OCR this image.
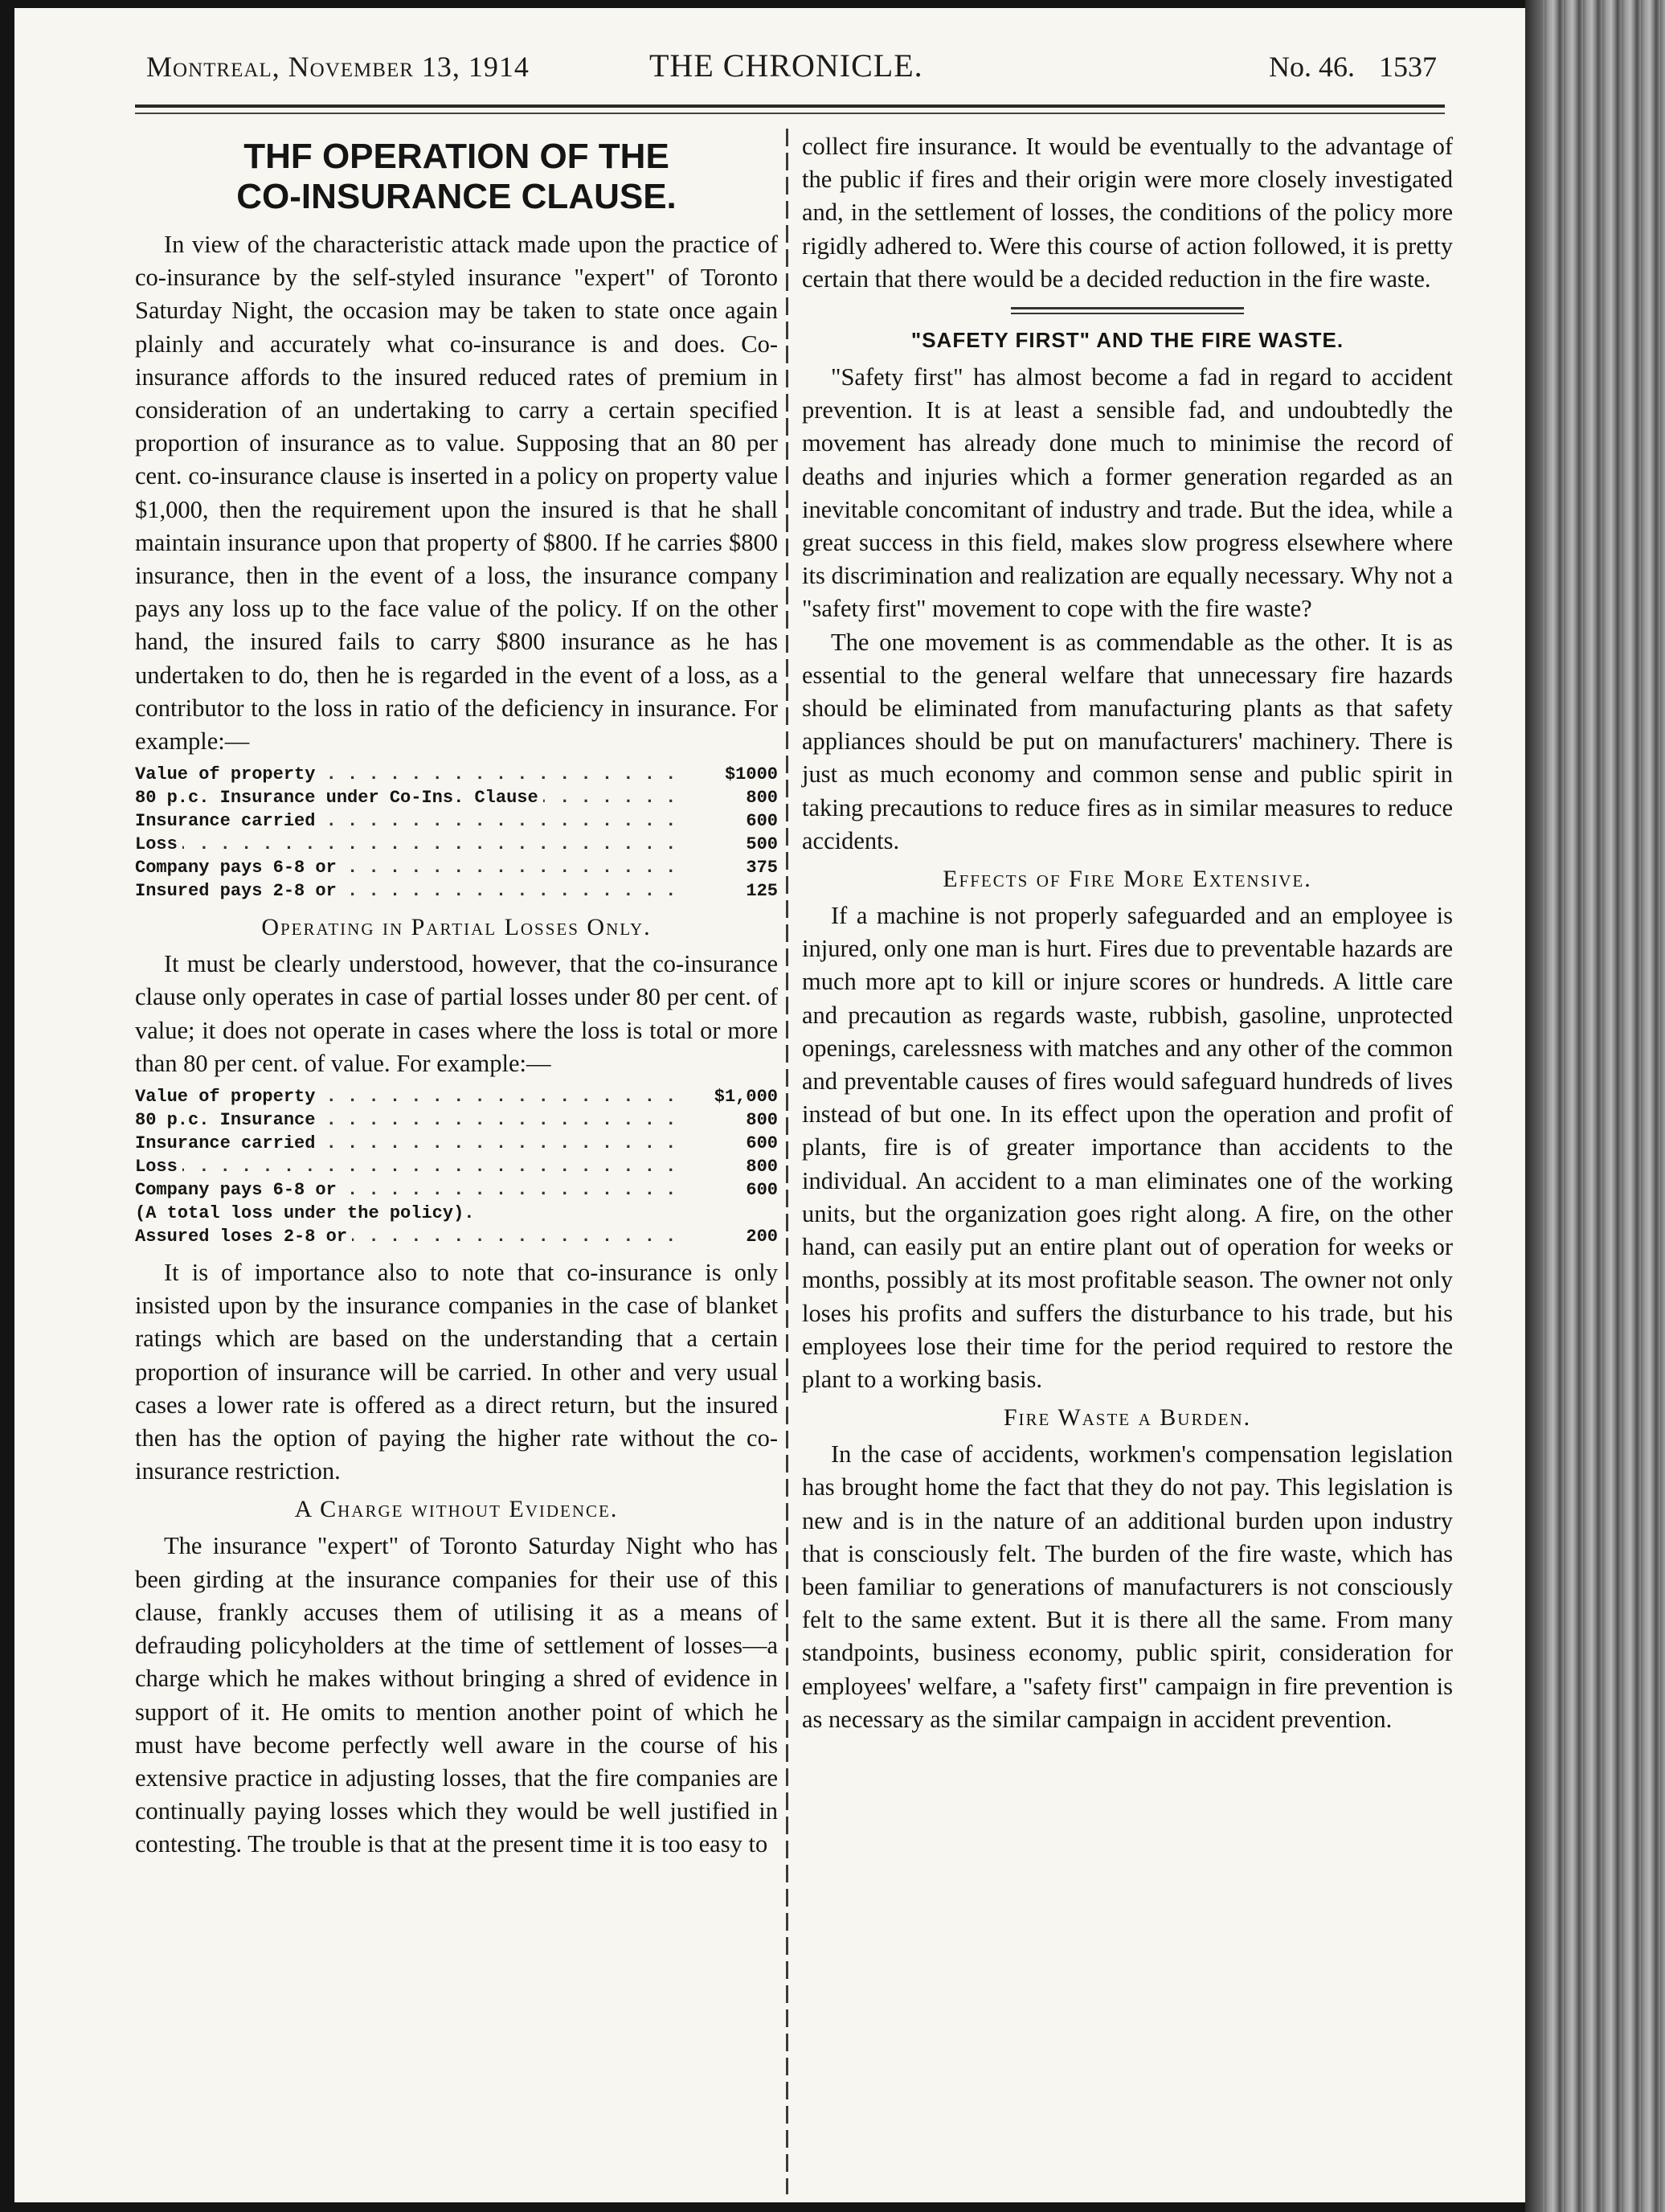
Montreal, November 13, 1914	THE CHRONICLE.	No. 46. 1537
THF OPERATION OF THE
CO-INSURANCE CLAUSE.

In view of the characteristic attack made upon the practice of co-insurance by the self-styled insurance "expert" of Toronto Saturday Night, the occasion may be taken to state once again plainly and accurately what co-insurance is and does. Co-insurance affords to the insured reduced rates of premium in consideration of an undertaking to carry a certain specified proportion of insurance as to value. Supposing that an 80 per cent. co-insurance clause is inserted in a policy on property value $1,000, then the requirement upon the insured is that he shall maintain insurance upon that property of $800. If he carries $800 insurance, then in the event of a loss, the insurance company pays any loss up to the face value of the policy. If on the other hand, the insured fails to carry $800 insurance as he has undertaken to do, then he is regarded in the event of a loss, as a contributor to the loss in ratio of the deficiency in insurance. For example:—

. . . Value of property	$1000
. . . 80 p.c. Insurance under Co-Ins. Clause	800
. . . Insurance carried	600
. . . Loss	500
. . . Company pays 6-8 or	375
. . . Insured pays 2-8 or	125
Operating in Partial Losses Only.

It must be clearly understood, however, that the co-insurance clause only operates in case of partial losses under 80 per cent. of value; it does not operate in cases where the loss is total or more than 80 per cent. of value. For example:—

. . . Value of property	$1,000
. . . 80 p.c. Insurance	800
. . . Insurance carried	600
. . . Loss	800
. . . Company pays 6-8 or	600
(A total loss under the policy).	
. . . Assured loses 2-8 or	200

It is of importance also to note that co-insurance is only insisted upon by the insurance companies in the case of blanket ratings which are based on the understanding that a certain proportion of insurance will be carried. In other and very usual cases a lower rate is offered as a direct return, but the insured then has the option of paying the higher rate without the co-insurance restriction.

A Charge without Evidence.

The insurance "expert" of Toronto Saturday Night who has been girding at the insurance companies for their use of this clause, frankly accuses them of utilising it as a means of defrauding policyholders at the time of settlement of losses—a charge which he makes without bringing a shred of evidence in support of it. He omits to mention another point of which he must have become perfectly well aware in the course of his extensive practice in adjusting losses, that the fire companies are continually paying losses which they would be well justified in contesting. The trouble is that at the present time it is too easy to

collect fire insurance. It would be eventually to the advantage of the public if fires and their origin were more closely investigated and, in the settlement of losses, the conditions of the policy more rigidly adhered to. Were this course of action followed, it is pretty certain that there would be a decided reduction in the fire waste.

"SAFETY FIRST" AND THE FIRE WASTE.

"Safety first" has almost become a fad in regard to accident prevention. It is at least a sensible fad, and undoubtedly the movement has already done much to minimise the record of deaths and injuries which a former generation regarded as an inevitable concomitant of industry and trade. But the idea, while a great success in this field, makes slow progress elsewhere where its discrimination and realization are equally necessary. Why not a "safety first" movement to cope with the fire waste?

The one movement is as commendable as the other. It is as essential to the general welfare that unnecessary fire hazards should be eliminated from manufacturing plants as that safety appliances should be put on manufacturers' machinery. There is just as much economy and common sense and public spirit in taking precautions to reduce fires as in similar measures to reduce accidents.

Effects of Fire More Extensive.

If a machine is not properly safeguarded and an employee is injured, only one man is hurt. Fires due to preventable hazards are much more apt to kill or injure scores or hundreds. A little care and precaution as regards waste, rubbish, gasoline, unprotected openings, carelessness with matches and any other of the common and preventable causes of fires would safeguard hundreds of lives instead of but one. In its effect upon the operation and profit of plants, fire is of greater importance than accidents to the individual. An accident to a man eliminates one of the working units, but the organization goes right along. A fire, on the other hand, can easily put an entire plant out of operation for weeks or months, possibly at its most profitable season. The owner not only loses his profits and suffers the disturbance to his trade, but his employees lose their time for the period required to restore the plant to a working basis.

Fire Waste a Burden.

In the case of accidents, workmen's compensation legislation has brought home the fact that they do not pay. This legislation is new and is in the nature of an additional burden upon industry that is consciously felt. The burden of the fire waste, which has been familiar to generations of manufacturers is not consciously felt to the same extent. But it is there all the same. From many standpoints, business economy, public spirit, consideration for employees' welfare, a "safety first" campaign in fire prevention is as necessary as the similar campaign in accident prevention.
